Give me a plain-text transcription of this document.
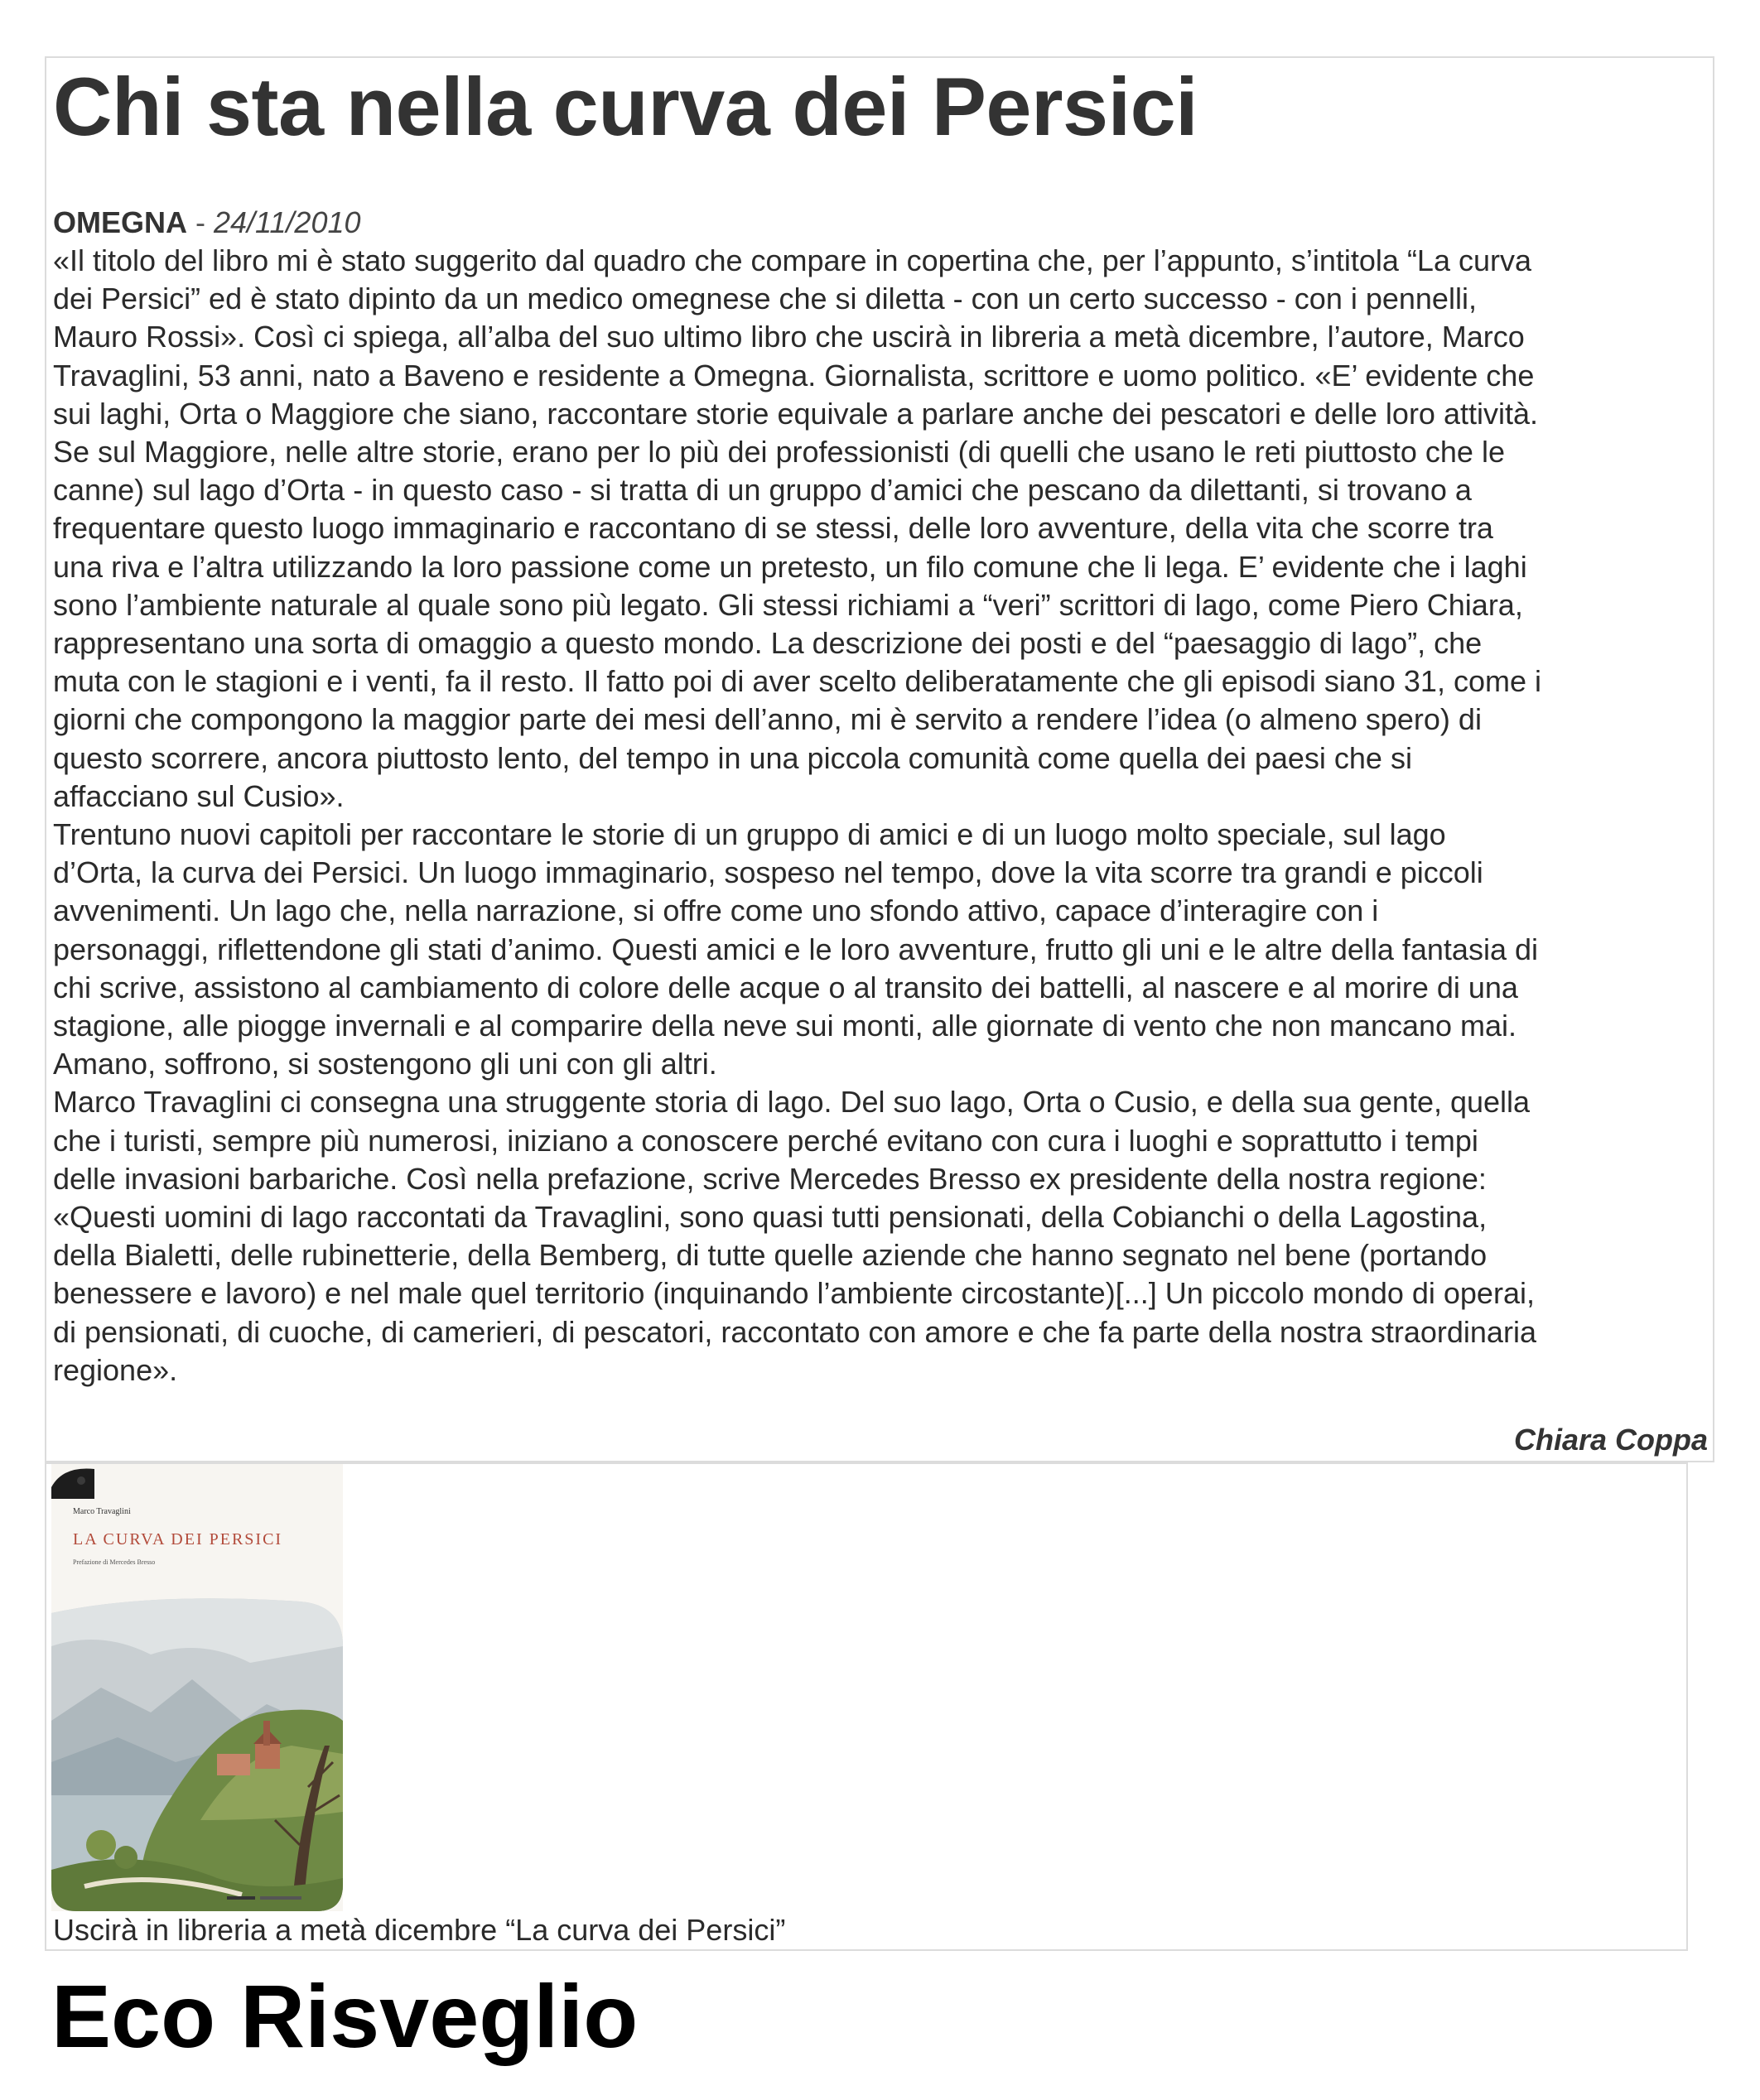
Chi sta nella curva dei Persici
OMEGNA - 24/11/2010

«Il titolo del libro mi è stato suggerito dal quadro che compare in copertina che, per l’appunto, s’intitola “La curva
dei Persici” ed è stato dipinto da un medico omegnese che si diletta - con un certo successo - con i pennelli,
Mauro Rossi». Così ci spiega, all’alba del suo ultimo libro che uscirà in libreria a metà dicembre, l’autore, Marco
Travaglini, 53 anni, nato a Baveno e residente a Omegna. Giornalista, scrittore e uomo politico. «E’ evidente che
sui laghi, Orta o Maggiore che siano, raccontare storie equivale a parlare anche dei pescatori e delle loro attività.
Se sul Maggiore, nelle altre storie, erano per lo più dei professionisti (di quelli che usano le reti piuttosto che le
canne) sul lago d’Orta - in questo caso - si tratta di un gruppo d’amici che pescano da dilettanti, si trovano a
frequentare questo luogo immaginario e raccontano di se stessi, delle loro avventure, della vita che scorre tra
una riva e l’altra utilizzando la loro passione come un pretesto, un filo comune che li lega. E’ evidente che i laghi
sono l’ambiente naturale al quale sono più legato. Gli stessi richiami a “veri” scrittori di lago, come Piero Chiara,
rappresentano una sorta di omaggio a questo mondo. La descrizione dei posti e del “paesaggio di lago”, che
muta con le stagioni e i venti, fa il resto. Il fatto poi di aver scelto deliberatamente che gli episodi siano 31, come i
giorni che compongono la maggior parte dei mesi dell’anno, mi è servito a rendere l’idea (o almeno spero) di
questo scorrere, ancora piuttosto lento, del tempo in una piccola comunità come quella dei paesi che si
affacciano sul Cusio».

Trentuno nuovi capitoli per raccontare le storie di un gruppo di amici e di un luogo molto speciale, sul lago
d’Orta, la curva dei Persici. Un luogo immaginario, sospeso nel tempo, dove la vita scorre tra grandi e piccoli
avvenimenti. Un lago che, nella narrazione, si offre come uno sfondo attivo, capace d’interagire con i
personaggi, riflettendone gli stati d’animo. Questi amici e le loro avventure, frutto gli uni e le altre della fantasia di
chi scrive, assistono al cambiamento di colore delle acque o al transito dei battelli, al nascere e al morire di una
stagione, alle piogge invernali e al comparire della neve sui monti, alle giornate di vento che non mancano mai.
Amano, soffrono, si sostengono gli uni con gli altri.

Marco Travaglini ci consegna una struggente storia di lago. Del suo lago, Orta o Cusio, e della sua gente, quella
che i turisti, sempre più numerosi, iniziano a conoscere perché evitano con cura i luoghi e soprattutto i tempi
delle invasioni barbariche. Così nella prefazione, scrive Mercedes Bresso ex presidente della nostra regione:
«Questi uomini di lago raccontati da Travaglini, sono quasi tutti pensionati, della Cobianchi o della Lagostina,
della Bialetti, delle rubinetterie, della Bemberg, di tutte quelle aziende che hanno segnato nel bene (portando
benessere e lavoro) e nel male quel territorio (inquinando l’ambiente circostante)[...] Un piccolo mondo di operai,
di pensionati, di cuoche, di camerieri, di pescatori, raccontato con amore e che fa parte della nostra straordinaria
regione».

Chiara Coppa
Marco Travaglini
LA CURVA DEI PERSICI
Prefazione di Mercedes Bresso
Uscirà in libreria a metà dicembre “La curva dei Persici”
Eco Risveglio
